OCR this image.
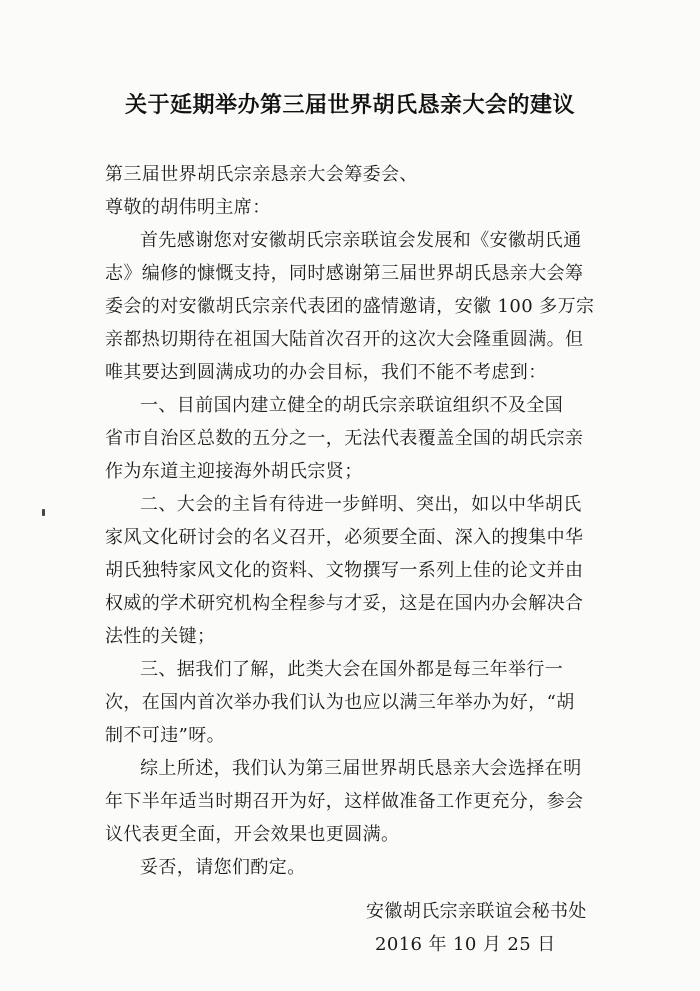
关于延期举办第三届世界胡氏恳亲大会的建议
第三届世界胡氏宗亲恳亲大会筹委会、
尊敬的胡伟明主席：
首先感谢您对安徽胡氏宗亲联谊会发展和《安徽胡氏通
志》编修的慷慨支持，同时感谢第三届世界胡氏恳亲大会筹
委会的对安徽胡氏宗亲代表团的盛情邀请，安徽 100 多万宗
亲都热切期待在祖国大陆首次召开的这次大会隆重圆满。但
唯其要达到圆满成功的办会目标，我们不能不考虑到：
一、目前国内建立健全的胡氏宗亲联谊组织不及全国
省市自治区总数的五分之一，无法代表覆盖全国的胡氏宗亲
作为东道主迎接海外胡氏宗贤；
二、大会的主旨有待进一步鲜明、突出，如以中华胡氏
家风文化研讨会的名义召开，必须要全面、深入的搜集中华
胡氏独特家风文化的资料、文物撰写一系列上佳的论文并由
权威的学术研究机构全程参与才妥，这是在国内办会解决合
法性的关键；
三、据我们了解，此类大会在国外都是每三年举行一
次，在国内首次举办我们认为也应以满三年举办为好，“胡
制不可违”呀。
综上所述，我们认为第三届世界胡氏恳亲大会选择在明
年下半年适当时期召开为好，这样做准备工作更充分，参会
议代表更全面，开会效果也更圆满。
妥否，请您们酌定。
安徽胡氏宗亲联谊会秘书处
2016 年 10 月 25 日
